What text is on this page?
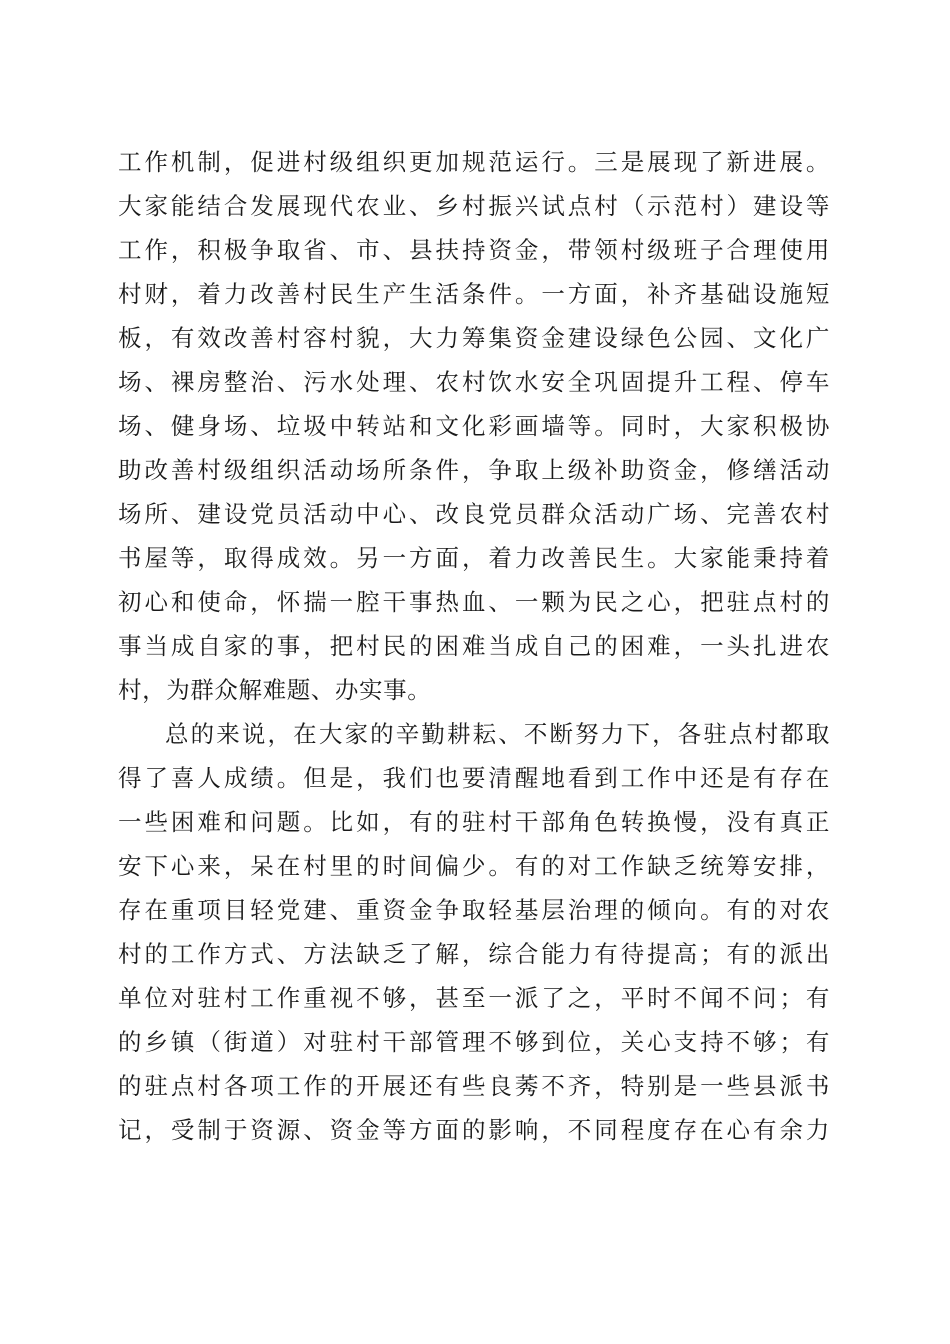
工作机制，促进村级组织更加规范运行。三是展现了新进展。
大家能结合发展现代农业、乡村振兴试点村（示范村）建设等
工作，积极争取省、市、县扶持资金，带领村级班子合理使用
村财，着力改善村民生产生活条件。一方面，补齐基础设施短
板，有效改善村容村貌，大力筹集资金建设绿色公园、文化广
场、裸房整治、污水处理、农村饮水安全巩固提升工程、停车
场、健身场、垃圾中转站和文化彩画墙等。同时，大家积极协
助改善村级组织活动场所条件，争取上级补助资金，修缮活动
场所、建设党员活动中心、改良党员群众活动广场、完善农村
书屋等，取得成效。另一方面，着力改善民生。大家能秉持着
初心和使命，怀揣一腔干事热血、一颗为民之心，把驻点村的
事当成自家的事，把村民的困难当成自己的困难，一头扎进农
村，为群众解难题、办实事。
总的来说，在大家的辛勤耕耘、不断努力下，各驻点村都取
得了喜人成绩。但是，我们也要清醒地看到工作中还是有存在
一些困难和问题。比如，有的驻村干部角色转换慢，没有真正
安下心来，呆在村里的时间偏少。有的对工作缺乏统筹安排，
存在重项目轻党建、重资金争取轻基层治理的倾向。有的对农
村的工作方式、方法缺乏了解，综合能力有待提高；有的派出
单位对驻村工作重视不够，甚至一派了之，平时不闻不问；有
的乡镇（街道）对驻村干部管理不够到位，关心支持不够；有
的驻点村各项工作的开展还有些良莠不齐，特别是一些县派书
记，受制于资源、资金等方面的影响，不同程度存在心有余力
